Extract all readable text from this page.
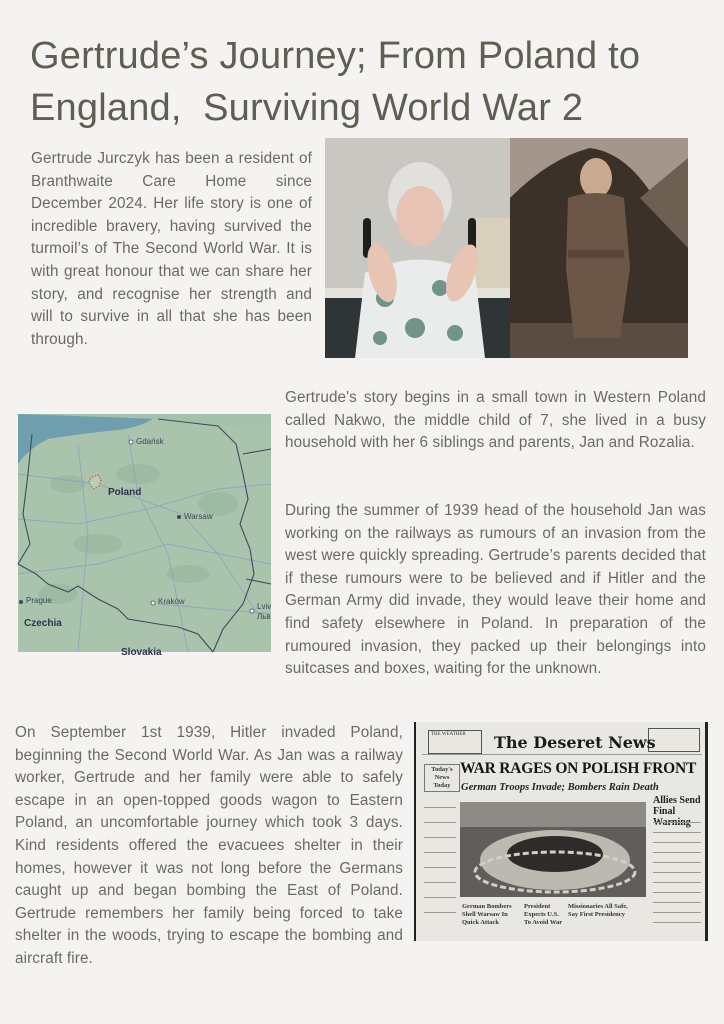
Gertrude’s Journey; From Poland to
England,  Surviving World War 2

Gertrude Jurczyk has been a resident of Branthwaite Care Home since December 2024. Her life story is one of incredible bravery, having survived the turmoil’s of The Second World War. It is with great honour that we can share her story, and recognise her strength and will to survive in all that she has been through.

Gdańsk
Poland
Warsaw
Prague	Kraków
Lviv
Льв
Czechia
Slovakia

Gertrude's story begins in a small town in Western Poland called Nakwo, the middle child of 7, she lived in a busy household with her 6 siblings and parents, Jan and Rozalia.

During the summer of 1939 head of the household Jan was working on the railways as rumours of an invasion from the west were quickly spreading. Gertrude’s parents decided that if these rumours were to be believed and if Hitler and the German Army did invade, they would leave their home and find safety elsewhere in Poland. In preparation of the rumoured invasion, they packed up their belongings into suitcases and boxes, waiting for the unknown.

On September 1st 1939, Hitler invaded Poland, beginning the Second World War. As Jan was a railway worker, Gertrude and her family were able to safely escape in an open-topped goods wagon to Eastern Poland, an uncomfortable journey which took 3 days. Kind residents offered the evacuees shelter in their homes, however it was not long before the Germans caught up and began bombing the East of Poland. Gertrude remembers her family being forced to take shelter in the woods, trying to escape the bombing and aircraft fire.

THE WEATHER The Deseret News
Today's News Today
WAR RAGES ON POLISH FRONT
German Troops Invade; Bombers Rain Death
Allies Send Final
German Bombers Shell Warsaw In Quick Attack
President Expects U.S. To Avoid War
Missionaries All Safe, Say First Presidency
